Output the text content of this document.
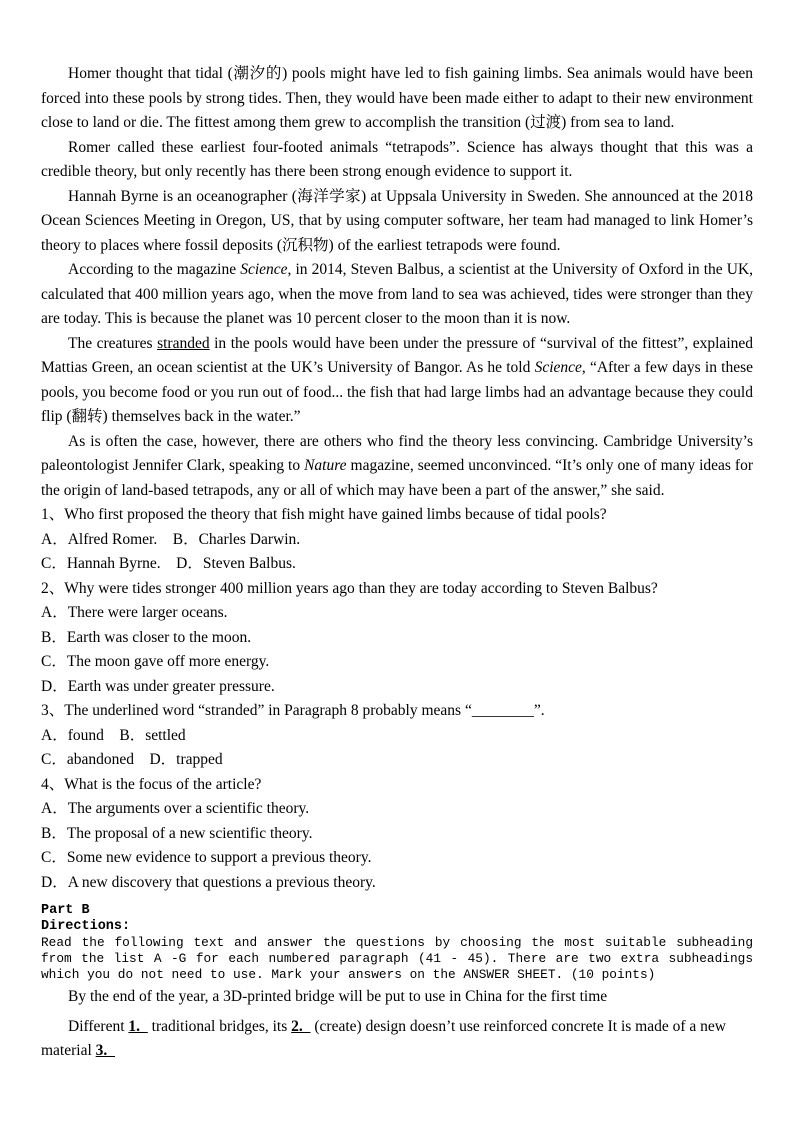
Homer thought that tidal (潮汐的) pools might have led to fish gaining limbs. Sea animals would have been forced into these pools by strong tides. Then, they would have been made either to adapt to their new environment close to land or die. The fittest among them grew to accomplish the transition (过渡) from sea to land.

Romer called these earliest four-footed animals “tetrapods”. Science has always thought that this was a credible theory, but only recently has there been strong enough evidence to support it.

Hannah Byrne is an oceanographer (海洋学家) at Uppsala University in Sweden. She announced at the 2018 Ocean Sciences Meeting in Oregon, US, that by using computer software, her team had managed to link Homer’s theory to places where fossil deposits (沉积物) of the earliest tetrapods were found.

According to the magazine Science, in 2014, Steven Balbus, a scientist at the University of Oxford in the UK, calculated that 400 million years ago, when the move from land to sea was achieved, tides were stronger than they are today. This is because the planet was 10 percent closer to the moon than it is now.

The creatures stranded in the pools would have been under the pressure of “survival of the fittest”, explained Mattias Green, an ocean scientist at the UK’s University of Bangor. As he told Science, “After a few days in these pools, you become food or you run out of food... the fish that had large limbs had an advantage because they could flip (翻转) themselves back in the water.”

As is often the case, however, there are others who find the theory less convincing. Cambridge University’s paleontologist Jennifer Clark, speaking to Nature magazine, seemed unconvinced. “It’s only one of many ideas for the origin of land-based tetrapods, any or all of which may have been a part of the answer,” she said.

1、Who first proposed the theory that fish might have gained limbs because of tidal pools?

A．Alfred Romer.　B．Charles Darwin.

C．Hannah Byrne.　D．Steven Balbus.

2、Why were tides stronger 400 million years ago than they are today according to Steven Balbus?

A．There were larger oceans.

B．Earth was closer to the moon.

C．The moon gave off more energy.

D．Earth was under greater pressure.

3、The underlined word “stranded” in Paragraph 8 probably means “________”.

A．found　B．settled

C．abandoned　D．trapped

4、What is the focus of the article?

A．The arguments over a scientific theory.

B．The proposal of a new scientific theory.

C．Some new evidence to support a previous theory.

D．A new discovery that questions a previous theory.

Part B

Directions:

Read the following text and answer the questions by choosing the most suitable subheading from the list A -G for each numbered paragraph (41 - 45). There are two extra subheadings which you do not need to use. Mark your answers on the ANSWER SHEET. (10 points)

By the end of the year, a 3D-printed bridge will be put to use in China for the first time

Different 1.   traditional bridges, its 2.   (create) design doesn’t use reinforced concrete It is made of a new material 3.
